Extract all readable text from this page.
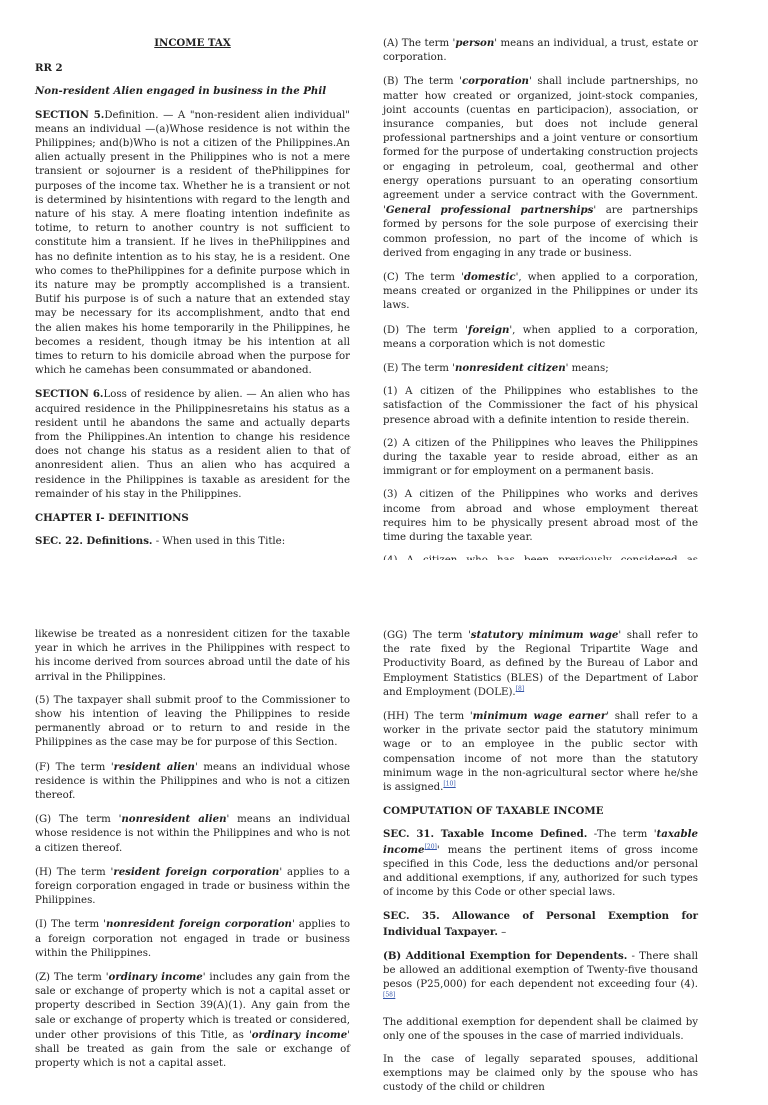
INCOME TAX

RR 2

Non-resident Alien engaged in business in the Phil

SECTION 5.Definition. — A "non-resident alien individual" means an individual —(a)Whose residence is not within the Philippines; and(b)Who is not a citizen of the Philippines.An alien actually present in the Philippines who is not a mere transient or sojourner is a resident of thePhilippines for purposes of the income tax. Whether he is a transient or not is determined by hisintentions with regard to the length and nature of his stay. A mere floating intention indefinite as totime, to return to another country is not sufficient to constitute him a transient. If he lives in thePhilippines and has no definite intention as to his stay, he is a resident. One who comes to thePhilippines for a definite purpose which in its nature may be promptly accomplished is a transient. Butif his purpose is of such a nature that an extended stay may be necessary for its accomplishment, andto that end the alien makes his home temporarily in the Philippines, he becomes a resident, though itmay be his intention at all times to return to his domicile abroad when the purpose for which he camehas been consummated or abandoned.

SECTION 6.Loss of residence by alien. — An alien who has acquired residence in the Philippinesretains his status as a resident until he abandons the same and actually departs from the Philippines.An intention to change his residence does not change his status as a resident alien to that of anonresident alien. Thus an alien who has acquired a residence in the Philippines is taxable as aresident for the remainder of his stay in the Philippines.

CHAPTER I- DEFINITIONS

SEC. 22. Definitions. - When used in this Title:

(A) The term 'person' means an individual, a trust, estate or corporation.

(B) The term 'corporation' shall include partnerships, no matter how created or organized, joint-stock companies, joint accounts (cuentas en participacion), association, or insurance companies, but does not include general professional partnerships and a joint venture or consortium formed for the purpose of undertaking construction projects or engaging in petroleum, coal, geothermal and other energy operations pursuant to an operating consortium agreement under a service contract with the Government. 'General professional partnerships' are partnerships formed by persons for the sole purpose of exercising their common profession, no part of the income of which is derived from engaging in any trade or business.

(C) The term 'domestic', when applied to a corporation, means created or organized in the Philippines or under its laws.

(D) The term 'foreign', when applied to a corporation, means a corporation which is not domestic

(E) The term 'nonresident citizen' means;

(1) A citizen of the Philippines who establishes to the satisfaction of the Commissioner the fact of his physical presence abroad with a definite intention to reside therein.

(2) A citizen of the Philippines who leaves the Philippines during the taxable year to reside abroad, either as an immigrant or for employment on a permanent basis.

(3) A citizen of the Philippines who works and derives income from abroad and whose employment thereat requires him to be physically present abroad most of the time during the taxable year.

likewise be treated as a nonresident citizen for the taxable year in which he arrives in the Philippines with respect to his income derived from sources abroad until the date of his arrival in the Philippines.

(5) The taxpayer shall submit proof to the Commissioner to show his intention of leaving the Philippines to reside permanently abroad or to return to and reside in the Philippines as the case may be for purpose of this Section.

(F) The term 'resident alien' means an individual whose residence is within the Philippines and who is not a citizen thereof.

(G) The term 'nonresident alien' means an individual whose residence is not within the Philippines and who is not a citizen thereof.

(H) The term 'resident foreign corporation' applies to a foreign corporation engaged in trade or business within the Philippines.

(I) The term 'nonresident foreign corporation' applies to a foreign corporation not engaged in trade or business within the Philippines.

(Z) The term 'ordinary income' includes any gain from the sale or exchange of property which is not a capital asset or property described in Section 39(A)(1). Any gain from the sale or exchange of property which is treated or considered, under other provisions of this Title, as 'ordinary income' shall be treated as gain from the sale or exchange of property which is not a capital asset.

(GG) The term 'statutory minimum wage' shall refer to the rate fixed by the Regional Tripartite Wage and Productivity Board, as defined by the Bureau of Labor and Employment Statistics (BLES) of the Department of Labor and Employment (DOLE).[8]

(HH) The term 'minimum wage earner' shall refer to a worker in the private sector paid the statutory minimum wage or to an employee in the public sector with compensation income of not more than the statutory minimum wage in the non-agricultural sector where he/she is assigned.[10]

COMPUTATION OF TAXABLE INCOME

SEC. 31. Taxable Income Defined. -The term 'taxable income[20]' means the pertinent items of gross income specified in this Code, less the deductions and/or personal and additional exemptions, if any, authorized for such types of income by this Code or other special laws.

SEC. 35. Allowance of Personal Exemption for Individual Taxpayer. –

(B) Additional Exemption for Dependents. - There shall be allowed an additional exemption of Twenty-five thousand pesos (P25,000) for each dependent not exceeding four (4).[58]

The additional exemption for dependent shall be claimed by only one of the spouses in the case of married individuals.

In the case of legally separated spouses, additional exemptions may be claimed only by the spouse who has custody of the child or children
